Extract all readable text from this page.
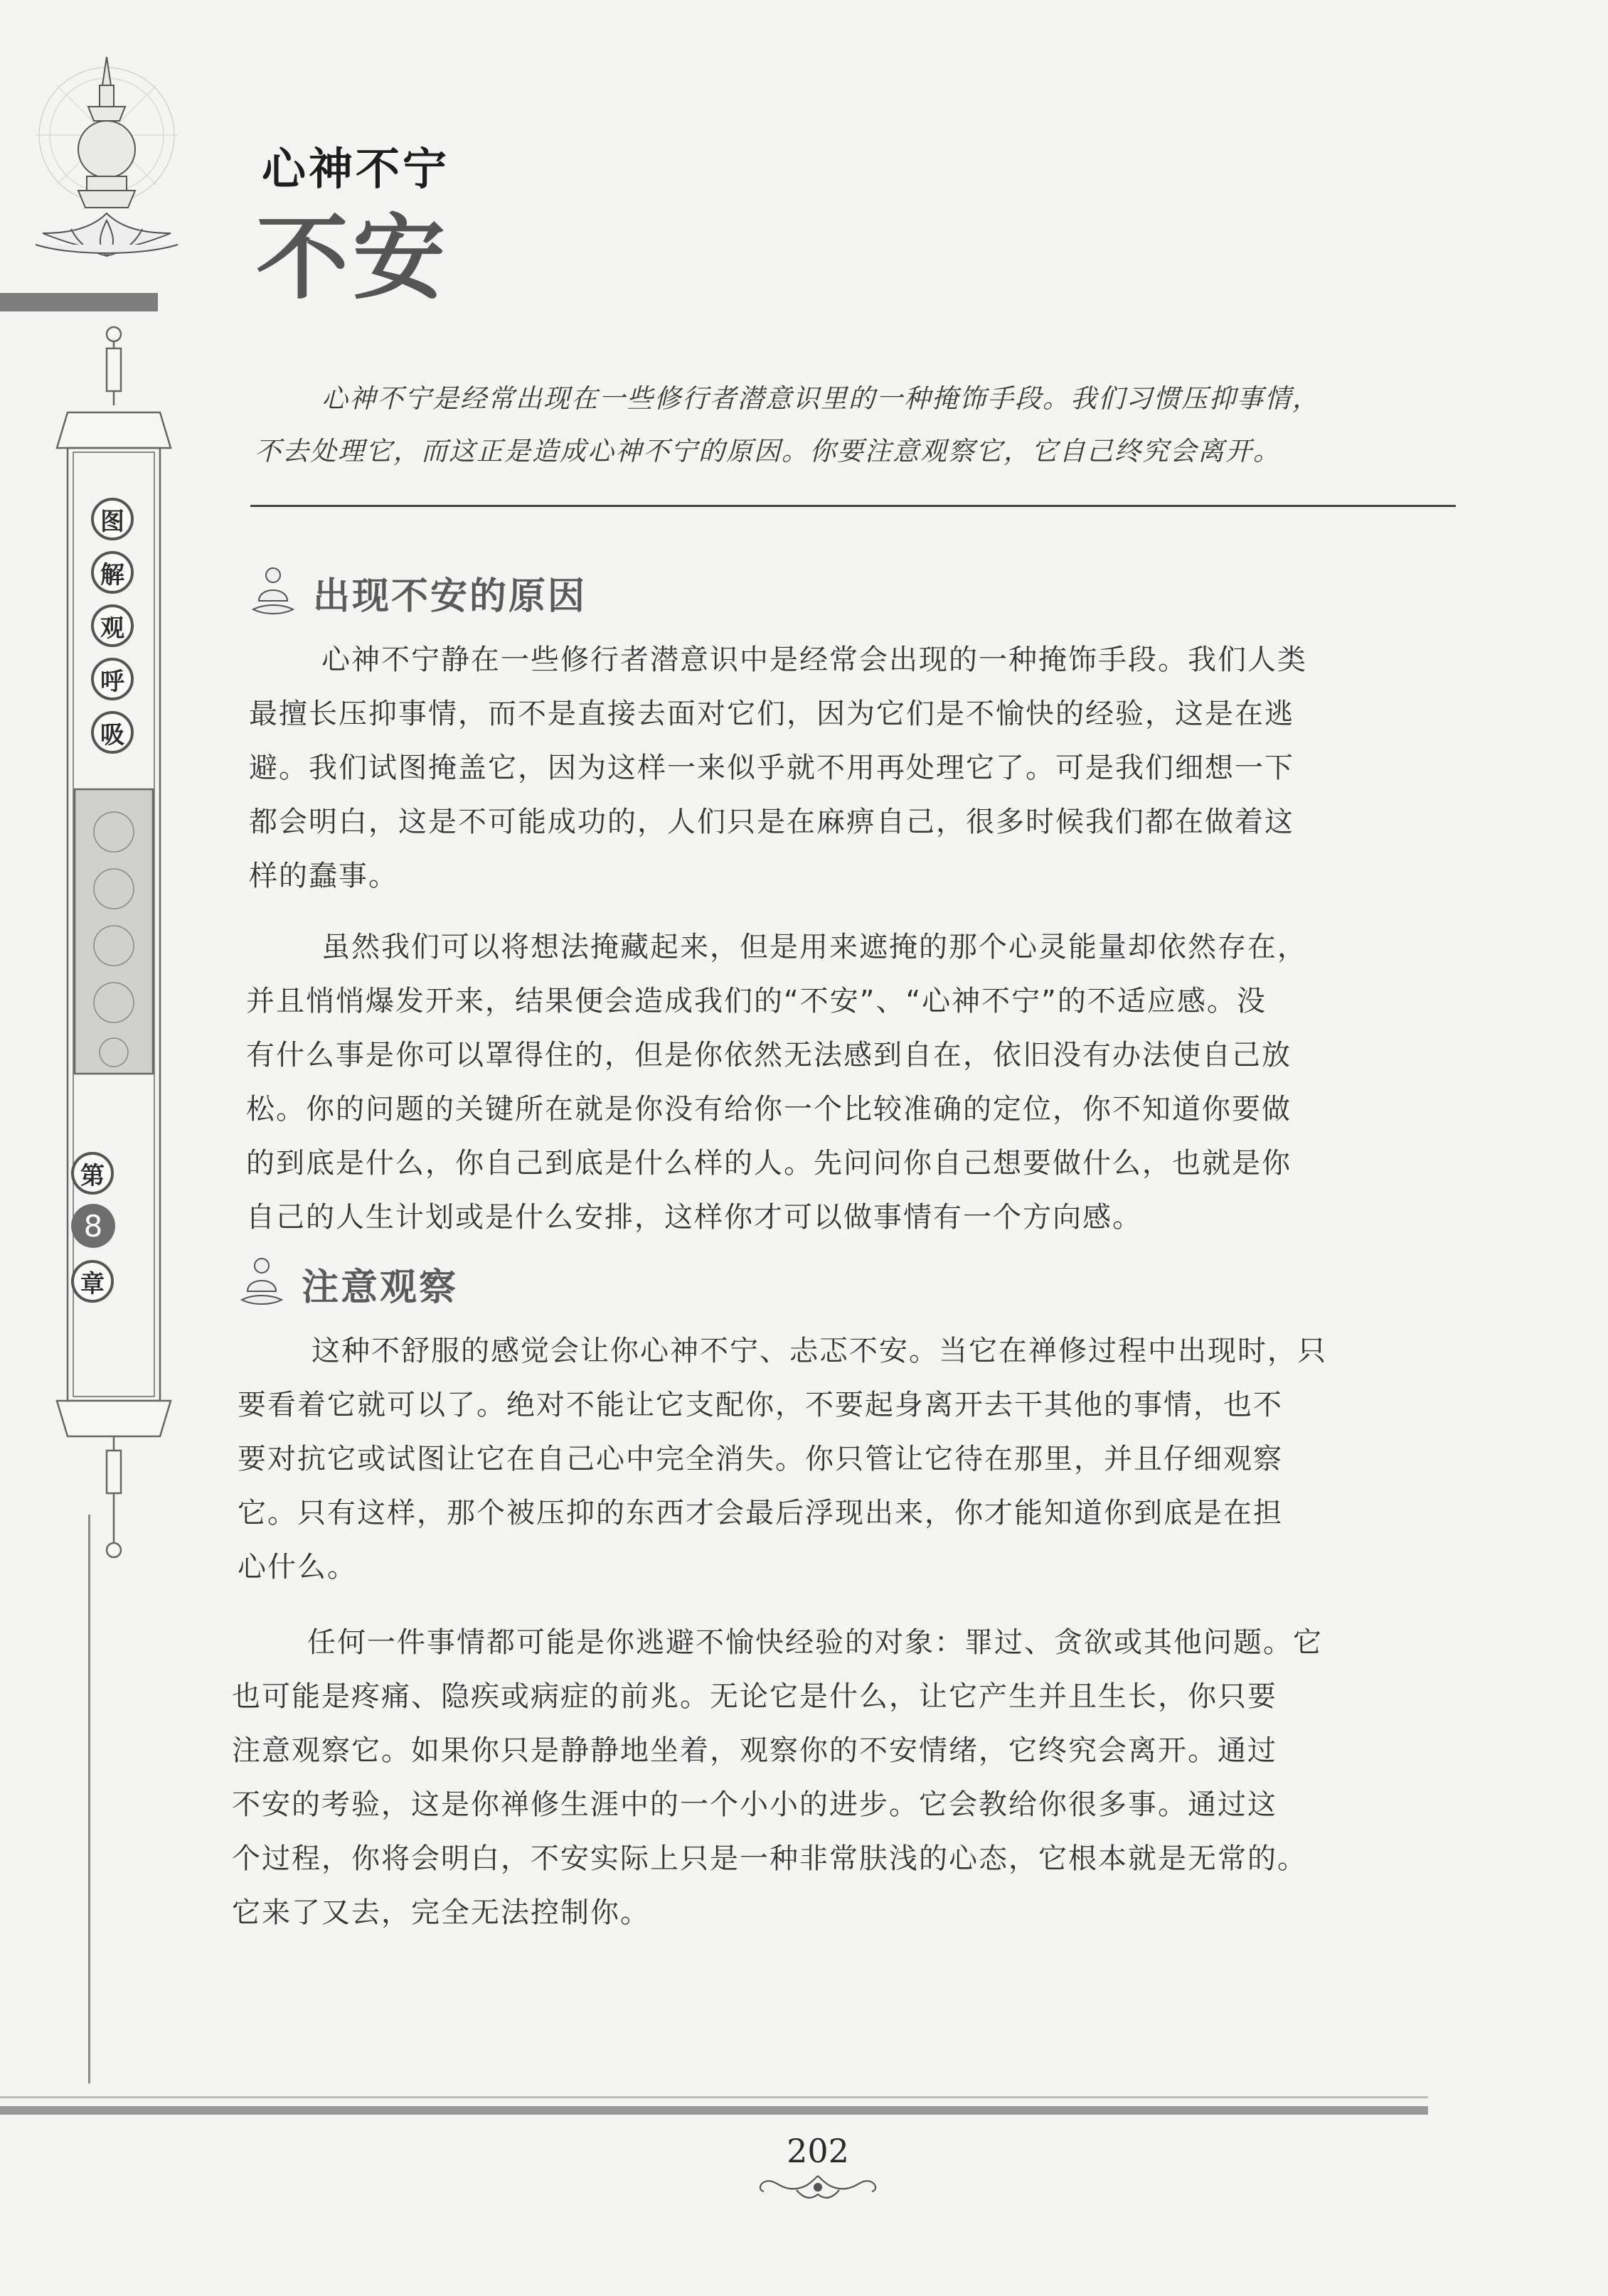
图
解
观
呼
吸
第
8
章
心神不宁
不安
心神不宁是经常出现在一些修行者潜意识里的一种掩饰手段。我们习惯压抑事情，
不去处理它，而这正是造成心神不宁的原因。你要注意观察它，它自己终究会离开。
出现不安的原因
心神不宁静在一些修行者潜意识中是经常会出现的一种掩饰手段。我们人类
最擅长压抑事情，而不是直接去面对它们，因为它们是不愉快的经验，这是在逃
避。我们试图掩盖它，因为这样一来似乎就不用再处理它了。可是我们细想一下
都会明白，这是不可能成功的，人们只是在麻痹自己，很多时候我们都在做着这
样的蠢事。
虽然我们可以将想法掩藏起来，但是用来遮掩的那个心灵能量却依然存在，
并且悄悄爆发开来，结果便会造成我们的“不安”、“心神不宁”的不适应感。没
有什么事是你可以罩得住的，但是你依然无法感到自在，依旧没有办法使自己放
松。你的问题的关键所在就是你没有给你一个比较准确的定位，你不知道你要做
的到底是什么，你自己到底是什么样的人。先问问你自己想要做什么，也就是你
自己的人生计划或是什么安排，这样你才可以做事情有一个方向感。
注意观察
这种不舒服的感觉会让你心神不宁、忐忑不安。当它在禅修过程中出现时，只
要看着它就可以了。绝对不能让它支配你，不要起身离开去干其他的事情，也不
要对抗它或试图让它在自己心中完全消失。你只管让它待在那里，并且仔细观察
它。只有这样，那个被压抑的东西才会最后浮现出来，你才能知道你到底是在担
心什么。
任何一件事情都可能是你逃避不愉快经验的对象：罪过、贪欲或其他问题。它
也可能是疼痛、隐疾或病症的前兆。无论它是什么，让它产生并且生长，你只要
注意观察它。如果你只是静静地坐着，观察你的不安情绪，它终究会离开。通过
不安的考验，这是你禅修生涯中的一个小小的进步。它会教给你很多事。通过这
个过程，你将会明白，不安实际上只是一种非常肤浅的心态，它根本就是无常的。
它来了又去，完全无法控制你。
202
